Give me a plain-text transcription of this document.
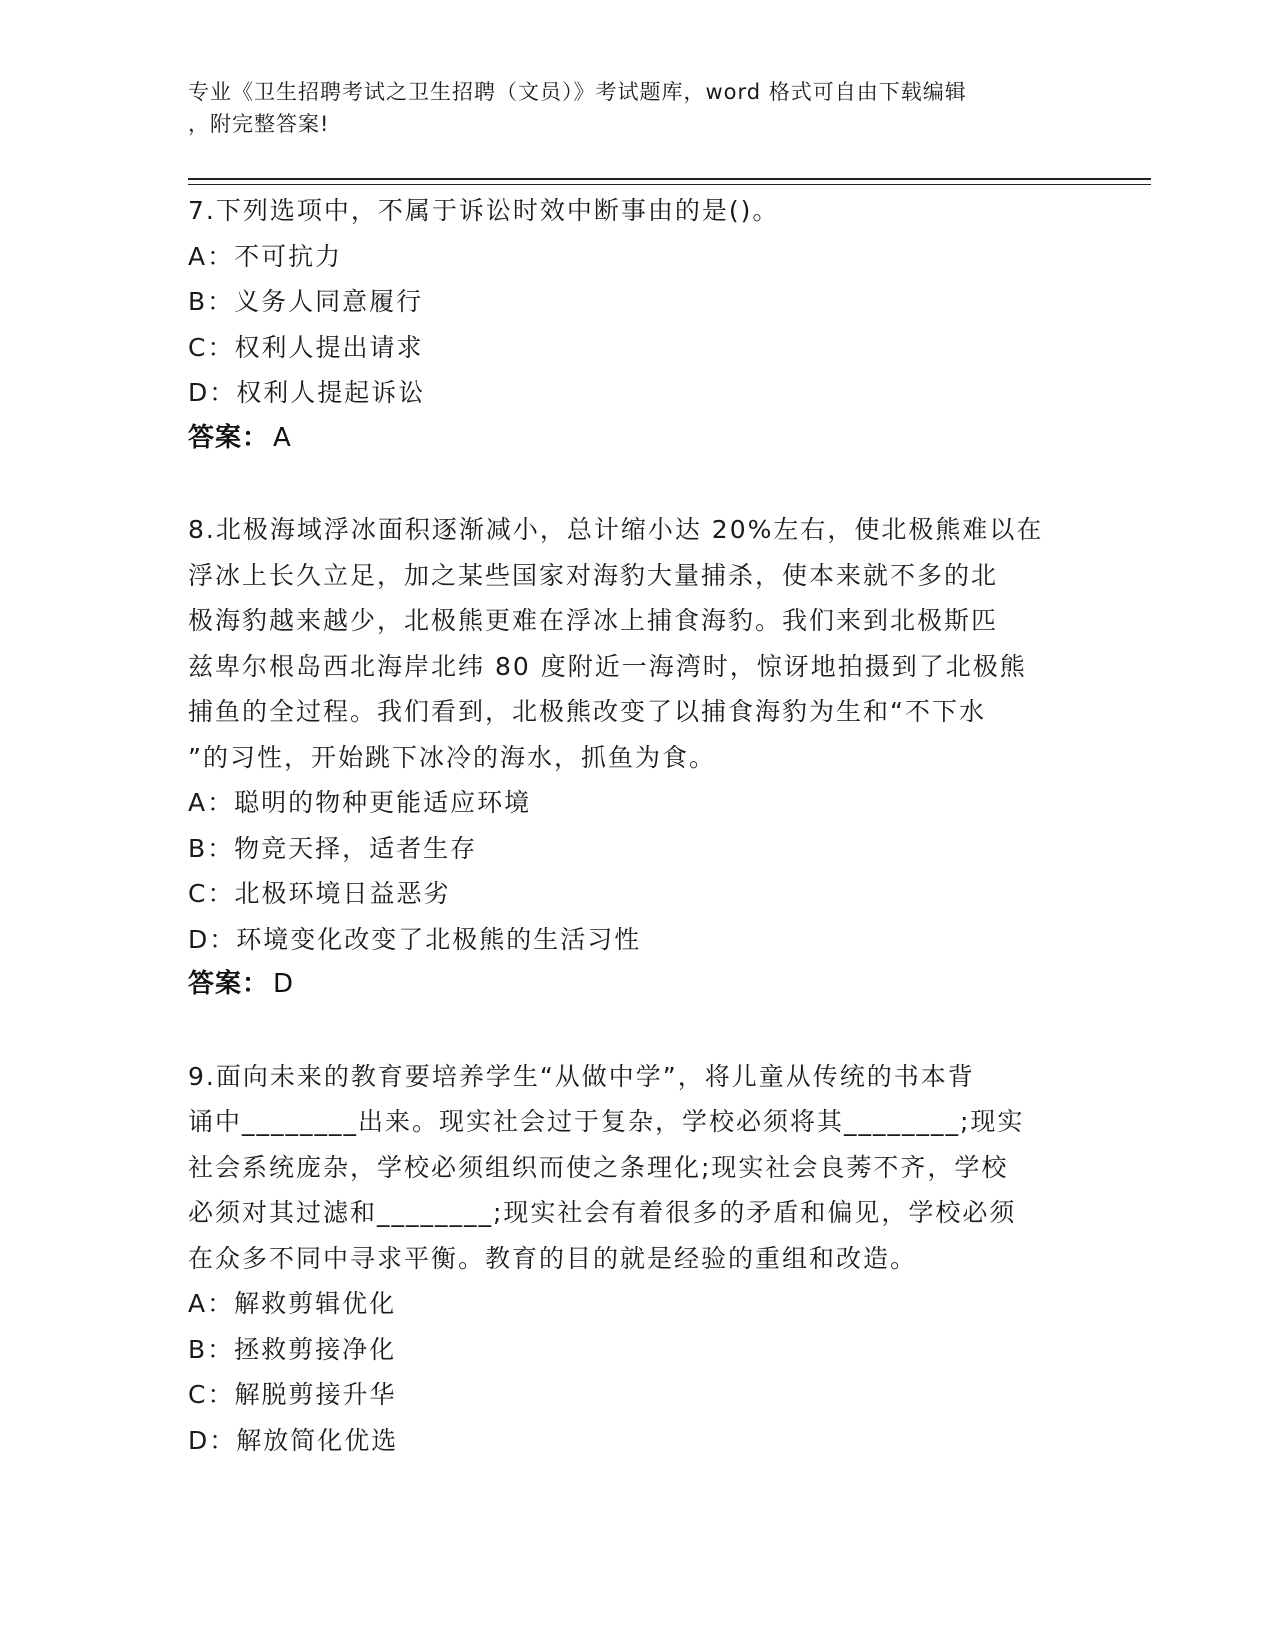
专业《卫生招聘考试之卫生招聘（文员）》考试题库，word 格式可自由下载编辑
，附完整答案!
7.下列选项中，不属于诉讼时效中断事由的是()。
A：不可抗力
B：义务人同意履行
C：权利人提出请求
D：权利人提起诉讼
答案： A
8.北极海域浮冰面积逐渐减小，总计缩小达 20%左右，使北极熊难以在
浮冰上长久立足，加之某些国家对海豹大量捕杀，使本来就不多的北
极海豹越来越少，北极熊更难在浮冰上捕食海豹。我们来到北极斯匹
兹卑尔根岛西北海岸北纬 80 度附近一海湾时，惊讶地拍摄到了北极熊
捕鱼的全过程。我们看到，北极熊改变了以捕食海豹为生和“不下水
”的习性，开始跳下冰冷的海水，抓鱼为食。
A：聪明的物种更能适应环境
B：物竞天择，适者生存
C：北极环境日益恶劣
D：环境变化改变了北极熊的生活习性
答案： D
9.面向未来的教育要培养学生“从做中学”，将儿童从传统的书本背
诵中________出来。现实社会过于复杂，学校必须将其________;现实
社会系统庞杂，学校必须组织而使之条理化;现实社会良莠不齐，学校
必须对其过滤和________;现实社会有着很多的矛盾和偏见，学校必须
在众多不同中寻求平衡。教育的目的就是经验的重组和改造。
A：解救剪辑优化
B：拯救剪接净化
C：解脱剪接升华
D：解放简化优选
